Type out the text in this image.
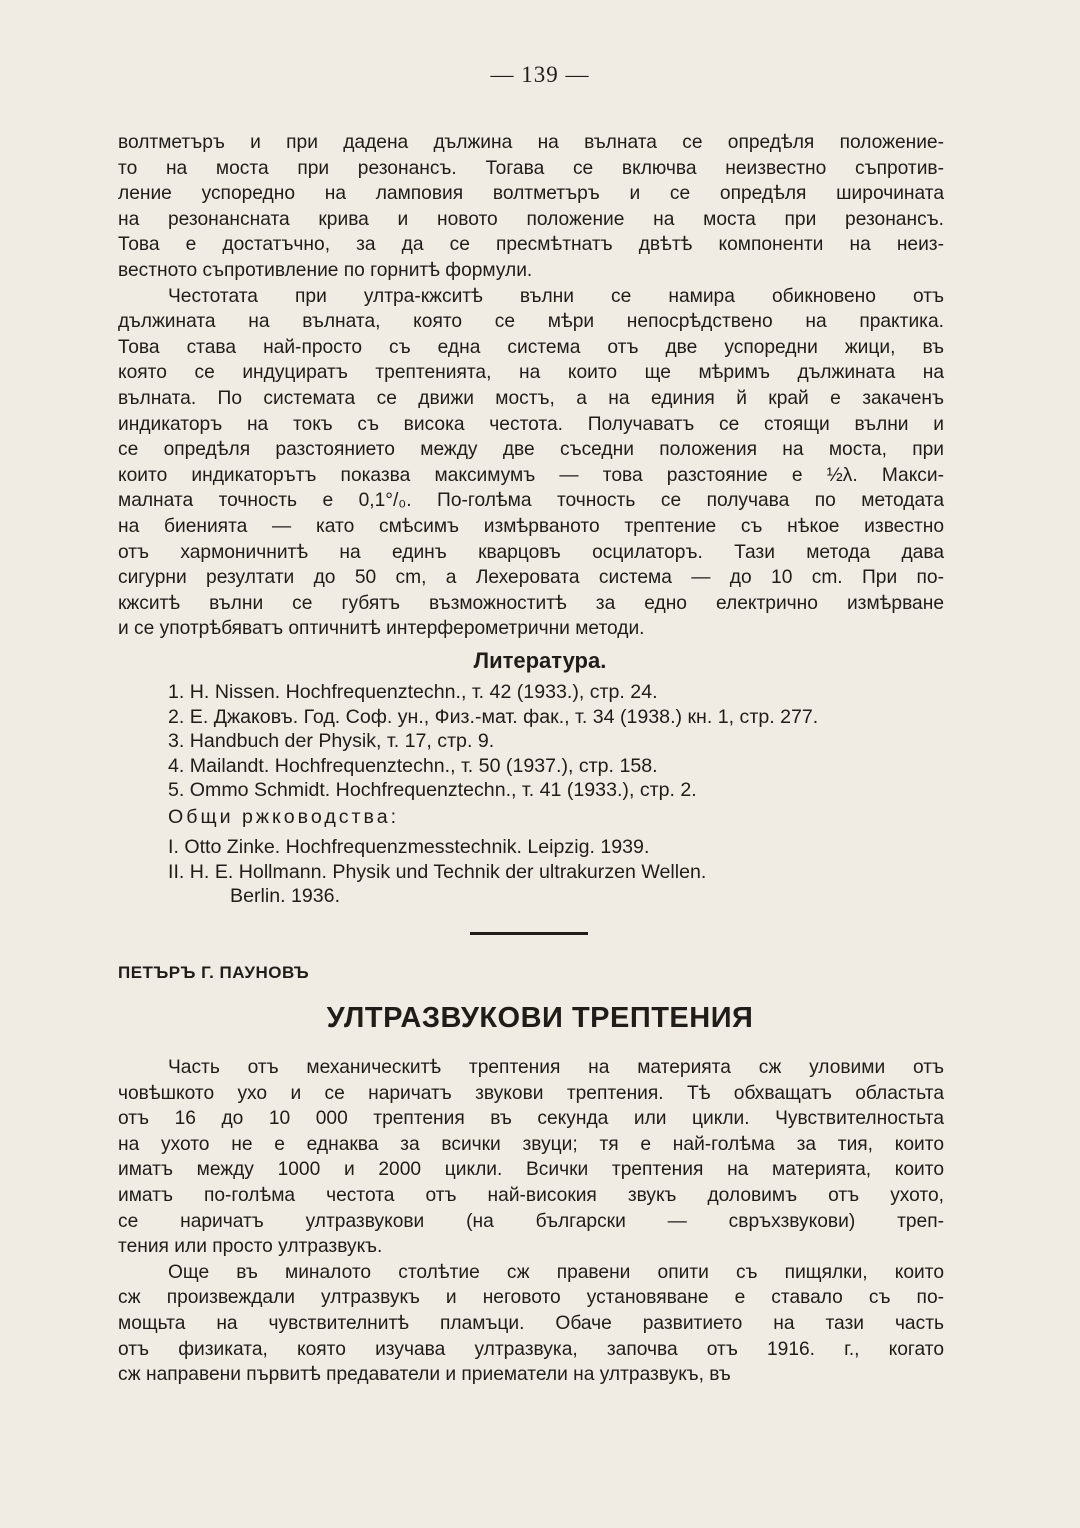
— 139 —

волтметъръ и при дадена дължина на вълната се опредѣля положение-
то на моста при резонансъ. Тогава се включва неизвестно съпротив-
ление успоредно на ламповия волтметъръ и се опредѣля широчината
на резонансната крива и новото положение на моста при резонансъ.
Това е достатъчно, за да се пресмѣтнатъ двѣтѣ компоненти на неиз-
вестното съпротивление по горнитѣ формули.
Честотата при ултра-кжситѣ вълни се намира обикновено отъ
дължината на вълната, която се мѣри непосрѣдствено на практика.
Това става най-просто съ една система отъ две успоредни жици, въ
която се индуциратъ трептенията, на които ще мѣримъ дължината на
вълната. По системата се движи мостъ, а на единия й край е закаченъ
индикаторъ на токъ съ висока честота. Получаватъ се стоящи вълни и
се опредѣля разстоянието между две съседни положения на моста, при
които индикаторътъ показва максимумъ — това разстояние е ½λ. Макси-
малната точность е 0,1°/₀. По-голѣма точность се получава по методата
на биенията — като смѣсимъ измѣрваното трептение съ нѣкое известно
отъ хармоничнитѣ на единъ кварцовъ осцилаторъ. Тази метода дава
сигурни резултати до 50 cm, а Лехеровата система — до 10 cm. При по-
кжситѣ вълни се губятъ възможноститѣ за едно електрично измѣрване
и се употрѣбяватъ оптичнитѣ интерферометрични методи.

Литература.
1. H. Nissen. Hochfrequenztechn., т. 42 (1933.), стр. 24.
2. Е. Джаковъ. Год. Соф. ун., Физ.-мат. фак., т. 34 (1938.) кн. 1, стр. 277.
3. Handbuch der Physik, т. 17, стр. 9.
4. Mailandt. Hochfrequenztechn., т. 50 (1937.), стр. 158.
5. Ommo Schmidt. Hochfrequenztechn., т. 41 (1933.), стр. 2.
Общи ржководства:
I. Otto Zinke. Hochfrequenzmesstechnik. Leipzig. 1939.
II. H. E. Hollmann. Physik und Technik der ultrakurzen Wellen.
Berlin. 1936.
ПЕТЪРЪ Г. ПАУНОВЪ
УЛТРАЗВУКОВИ ТРЕПТЕНИЯ

Часть отъ механическитѣ трептения на материята сж уловими отъ
човѣшкото ухо и се наричатъ звукови трептения. Тѣ обхващатъ областьта
отъ 16 до 10 000 трептения въ секунда или цикли. Чувствителностьта
на ухото не е еднаква за всички звуци; тя е най-голѣма за тия, които
иматъ между 1000 и 2000 цикли. Всички трептения на материята, които
иматъ по-голѣма честота отъ най-високия звукъ доловимъ отъ ухото,
се наричатъ ултразвукови (на български — свръхзвукови) треп-
тения или просто ултразвукъ.
Още въ миналото столѣтие сж правени опити съ пищялки, които
сж произвеждали ултразвукъ и неговото установяване е ставало съ по-
мощьта на чувствителнитѣ пламъци. Обаче развитието на тази часть
отъ физиката, която изучава ултразвука, започва отъ 1916. г., когато
сж направени първитѣ предаватели и приематели на ултразвукъ, въ
